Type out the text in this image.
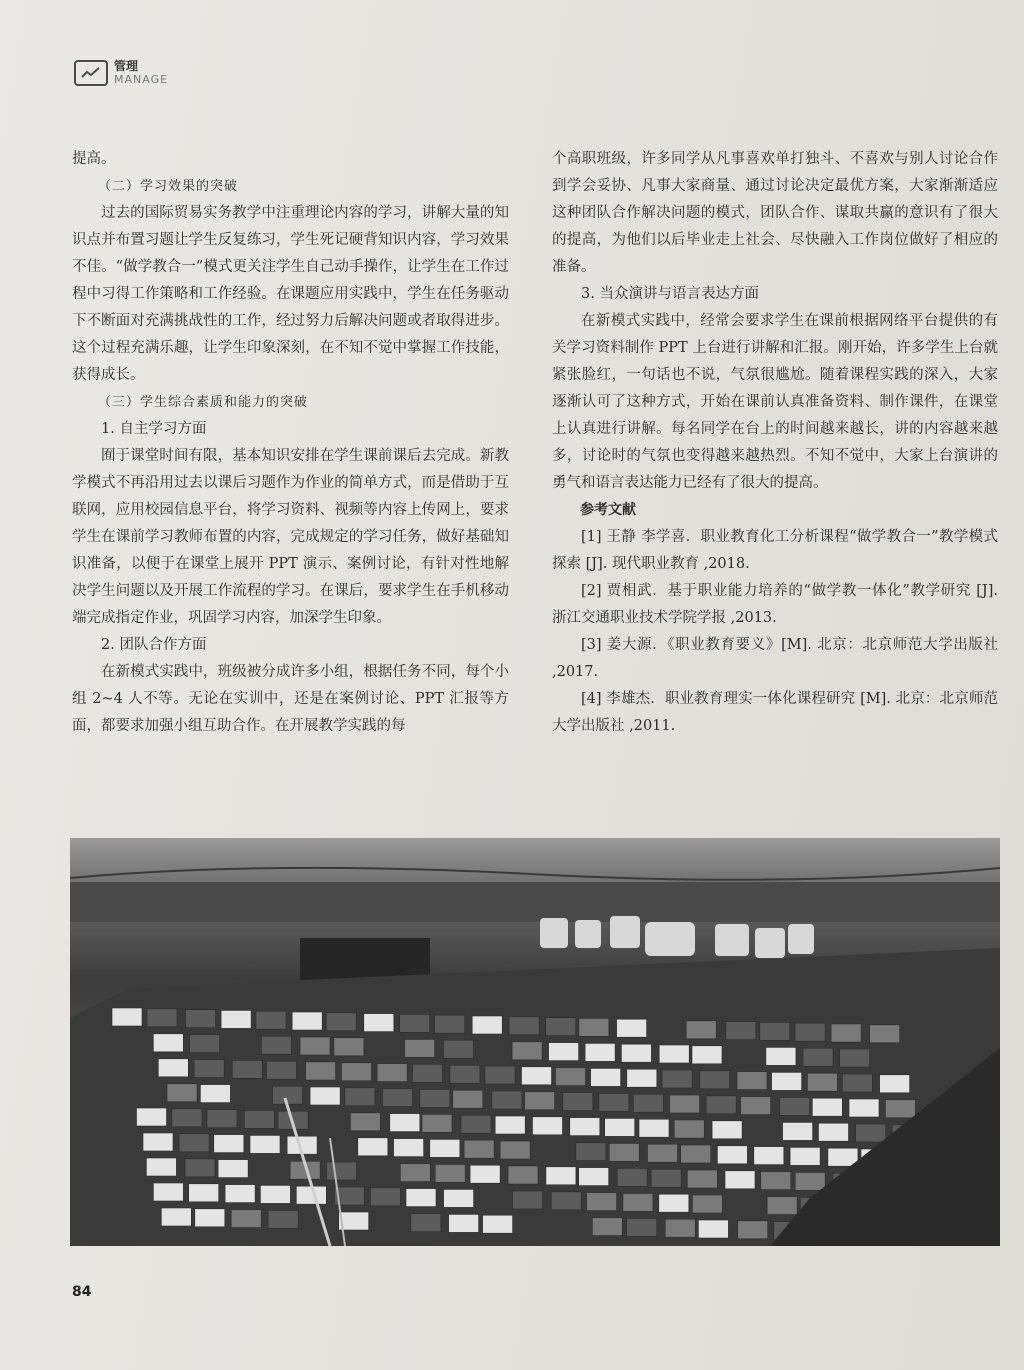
管理
MANAGE

提高。

（二）学习效果的突破

过去的国际贸易实务教学中注重理论内容的学习，讲解大量的知识点并布置习题让学生反复练习，学生死记硬背知识内容，学习效果不佳。“做学教合一”模式更关注学生自己动手操作，让学生在工作过程中习得工作策略和工作经验。在课题应用实践中，学生在任务驱动下不断面对充满挑战性的工作，经过努力后解决问题或者取得进步。这个过程充满乐趣，让学生印象深刻，在不知不觉中掌握工作技能，获得成长。

（三）学生综合素质和能力的突破

1. 自主学习方面

囿于课堂时间有限，基本知识安排在学生课前课后去完成。新教学模式不再沿用过去以课后习题作为作业的简单方式，而是借助于互联网，应用校园信息平台，将学习资料、视频等内容上传网上，要求学生在课前学习教师布置的内容，完成规定的学习任务，做好基础知识准备，以便于在课堂上展开 PPT 演示、案例讨论，有针对性地解决学生问题以及开展工作流程的学习。在课后，要求学生在手机移动端完成指定作业，巩固学习内容，加深学生印象。

2. 团队合作方面

在新模式实践中，班级被分成许多小组，根据任务不同，每个小组 2~4 人不等。无论在实训中，还是在案例讨论、PPT 汇报等方面，都要求加强小组互助合作。在开展教学实践的每

个高职班级，许多同学从凡事喜欢单打独斗、不喜欢与别人讨论合作到学会妥协、凡事大家商量、通过讨论决定最优方案，大家渐渐适应这种团队合作解决问题的模式，团队合作、谋取共赢的意识有了很大的提高，为他们以后毕业走上社会、尽快融入工作岗位做好了相应的准备。

3. 当众演讲与语言表达方面

在新模式实践中，经常会要求学生在课前根据网络平台提供的有关学习资料制作 PPT 上台进行讲解和汇报。刚开始，许多学生上台就紧张脸红，一句话也不说，气氛很尴尬。随着课程实践的深入，大家逐渐认可了这种方式，开始在课前认真准备资料、制作课件，在课堂上认真进行讲解。每名同学在台上的时间越来越长，讲的内容越来越多，讨论时的气氛也变得越来越热烈。不知不觉中，大家上台演讲的勇气和语言表达能力已经有了很大的提高。

参考文献

[1] 王静 李学喜．职业教育化工分析课程“做学教合一”教学模式探索 [J]. 现代职业教育 ,2018.

[2] 贾相武．基于职业能力培养的“做学教一体化”教学研究 [J]. 浙江交通职业技术学院学报 ,2013.

[3] 姜大源．《职业教育要义》[M]. 北京：北京师范大学出版社 ,2017.

[4] 李雄杰．职业教育理实一体化课程研究 [M]. 北京：北京师范大学出版社 ,2011.

84
